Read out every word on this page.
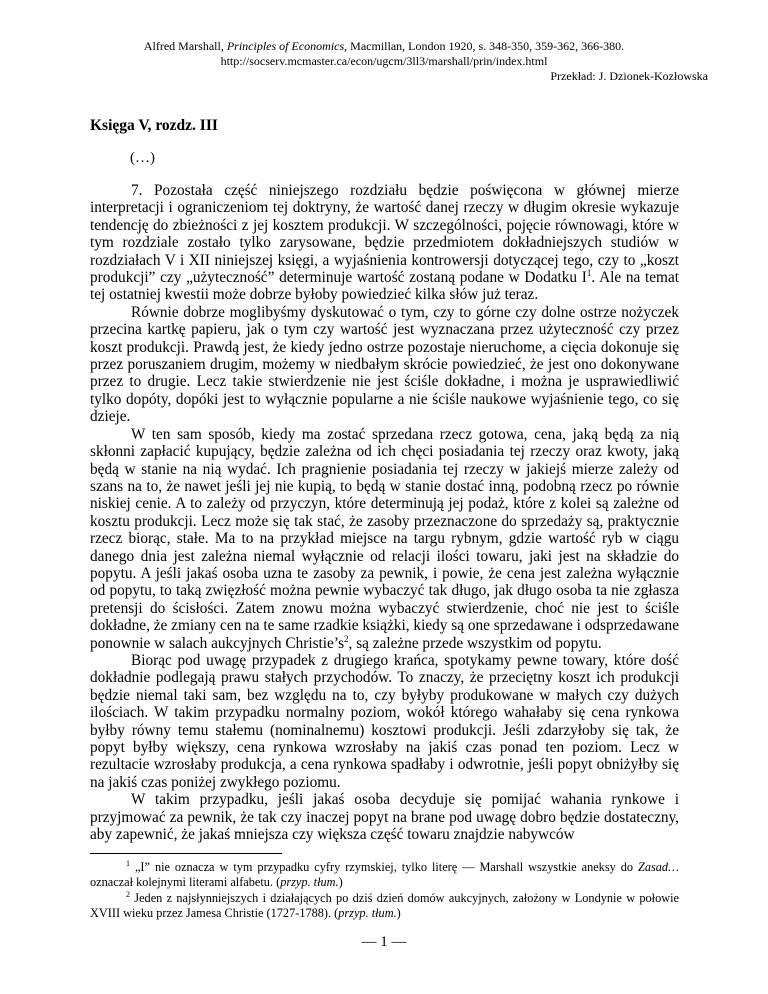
Alfred Marshall, Principles of Economics, Macmillan, London 1920, s. 348-350, 359-362, 366-380.
http://socserv.mcmaster.ca/econ/ugcm/3ll3/marshall/prin/index.html
Przekład: J. Dzionek-Kozłowska
Księga V, rozdz. III
(…)

7. Pozostała część niniejszego rozdziału będzie poświęcona w głównej mierze interpretacji i ograniczeniom tej doktryny, że wartość danej rzeczy w długim okresie wykazuje tendencję do zbieżności z jej kosztem produkcji. W szczególności, pojęcie równowagi, które w tym rozdziale zostało tylko zarysowane, będzie przedmiotem dokładniejszych studiów w rozdziałach V i XII niniejszej księgi, a wyjaśnienia kontrowersji dotyczącej tego, czy to „koszt produkcji” czy „użyteczność” determinuje wartość zostaną podane w Dodatku $I^1$. Ale na temat tej ostatniej kwestii może dobrze byłoby powiedzieć kilka słów już teraz.

Równie dobrze moglibyśmy dyskutować o tym, czy to górne czy dolne ostrze nożyczek przecina kartkę papieru, jak o tym czy wartość jest wyznaczana przez użyteczność czy przez koszt produkcji. Prawdą jest, że kiedy jedno ostrze pozostaje nieruchome, a cięcia dokonuje się przez poruszaniem drugim, możemy w niedbałym skrócie powiedzieć, że jest ono dokonywane przez to drugie. Lecz takie stwierdzenie nie jest ściśle dokładne, i można je usprawiedliwić tylko dopóty, dopóki jest to wyłącznie popularne a nie ściśle naukowe wyjaśnienie tego, co się dzieje.

W ten sam sposób, kiedy ma zostać sprzedana rzecz gotowa, cena, jaką będą za nią skłonni zapłacić kupujący, będzie zależna od ich chęci posiadania tej rzeczy oraz kwoty, jaką będą w stanie na nią wydać. Ich pragnienie posiadania tej rzeczy w jakiejś mierze zależy od szans na to, że nawet jeśli jej nie kupią, to będą w stanie dostać inną, podobną rzecz po równie niskiej cenie. A to zależy od przyczyn, które determinują jej podaż, które z kolei są zależne od kosztu produkcji. Lecz może się tak stać, że zasoby przeznaczone do sprzedaży są, praktycznie rzecz biorąc, stałe. Ma to na przykład miejsce na targu rybnym, gdzie wartość ryb w ciągu danego dnia jest zależna niemal wyłącznie od relacji ilości towaru, jaki jest na składzie do popytu. A jeśli jakaś osoba uzna te zasoby za pewnik, i powie, że cena jest zależna wyłącznie od popytu, to taką zwięzłość można pewnie wybaczyć tak długo, jak długo osoba ta nie zgłasza pretensji do ścisłości. Zatem znowu można wybaczyć stwierdzenie, choć nie jest to ściśle dokładne, że zmiany cen na te same rzadkie książki, kiedy są one sprzedawane i odsprzedawane ponownie w salach aukcyjnych $Christie’s^2$, są zależne przede wszystkim od popytu.

Biorąc pod uwagę przypadek z drugiego krańca, spotykamy pewne towary, które dość dokładnie podlegają prawu stałych przychodów. To znaczy, że przeciętny koszt ich produkcji będzie niemal taki sam, bez względu na to, czy byłyby produkowane w małych czy dużych ilościach. W takim przypadku normalny poziom, wokół którego wahałaby się cena rynkowa byłby równy temu stałemu (nominalnemu) kosztowi produkcji. Jeśli zdarzyłoby się tak, że popyt byłby większy, cena rynkowa wzrosłaby na jakiś czas ponad ten poziom. Lecz w rezultacie wzrosłaby produkcja, a cena rynkowa spadłaby i odwrotnie, jeśli popyt obniżyłby się na jakiś czas poniżej zwykłego poziomu.

W takim przypadku, jeśli jakaś osoba decyduje się pomijać wahania rynkowe i przyjmować za pewnik, że tak czy inaczej popyt na brane pod uwagę dobro będzie dostateczny, aby zapewnić, że jakaś mniejsza czy większa część towaru znajdzie nabywców

$^1$ „I” nie oznacza w tym przypadku cyfry rzymskiej, tylko literę — Marshall wszystkie aneksy do Zasad… oznaczał kolejnymi literami alfabetu. (przyp. tłum.)

$^2$ Jeden z najsłynniejszych i działających po dziś dzień domów aukcyjnych, założony w Londynie w połowie XVIII wieku przez Jamesa Christie (1727-1788). (przyp. tłum.)

— 1 —
